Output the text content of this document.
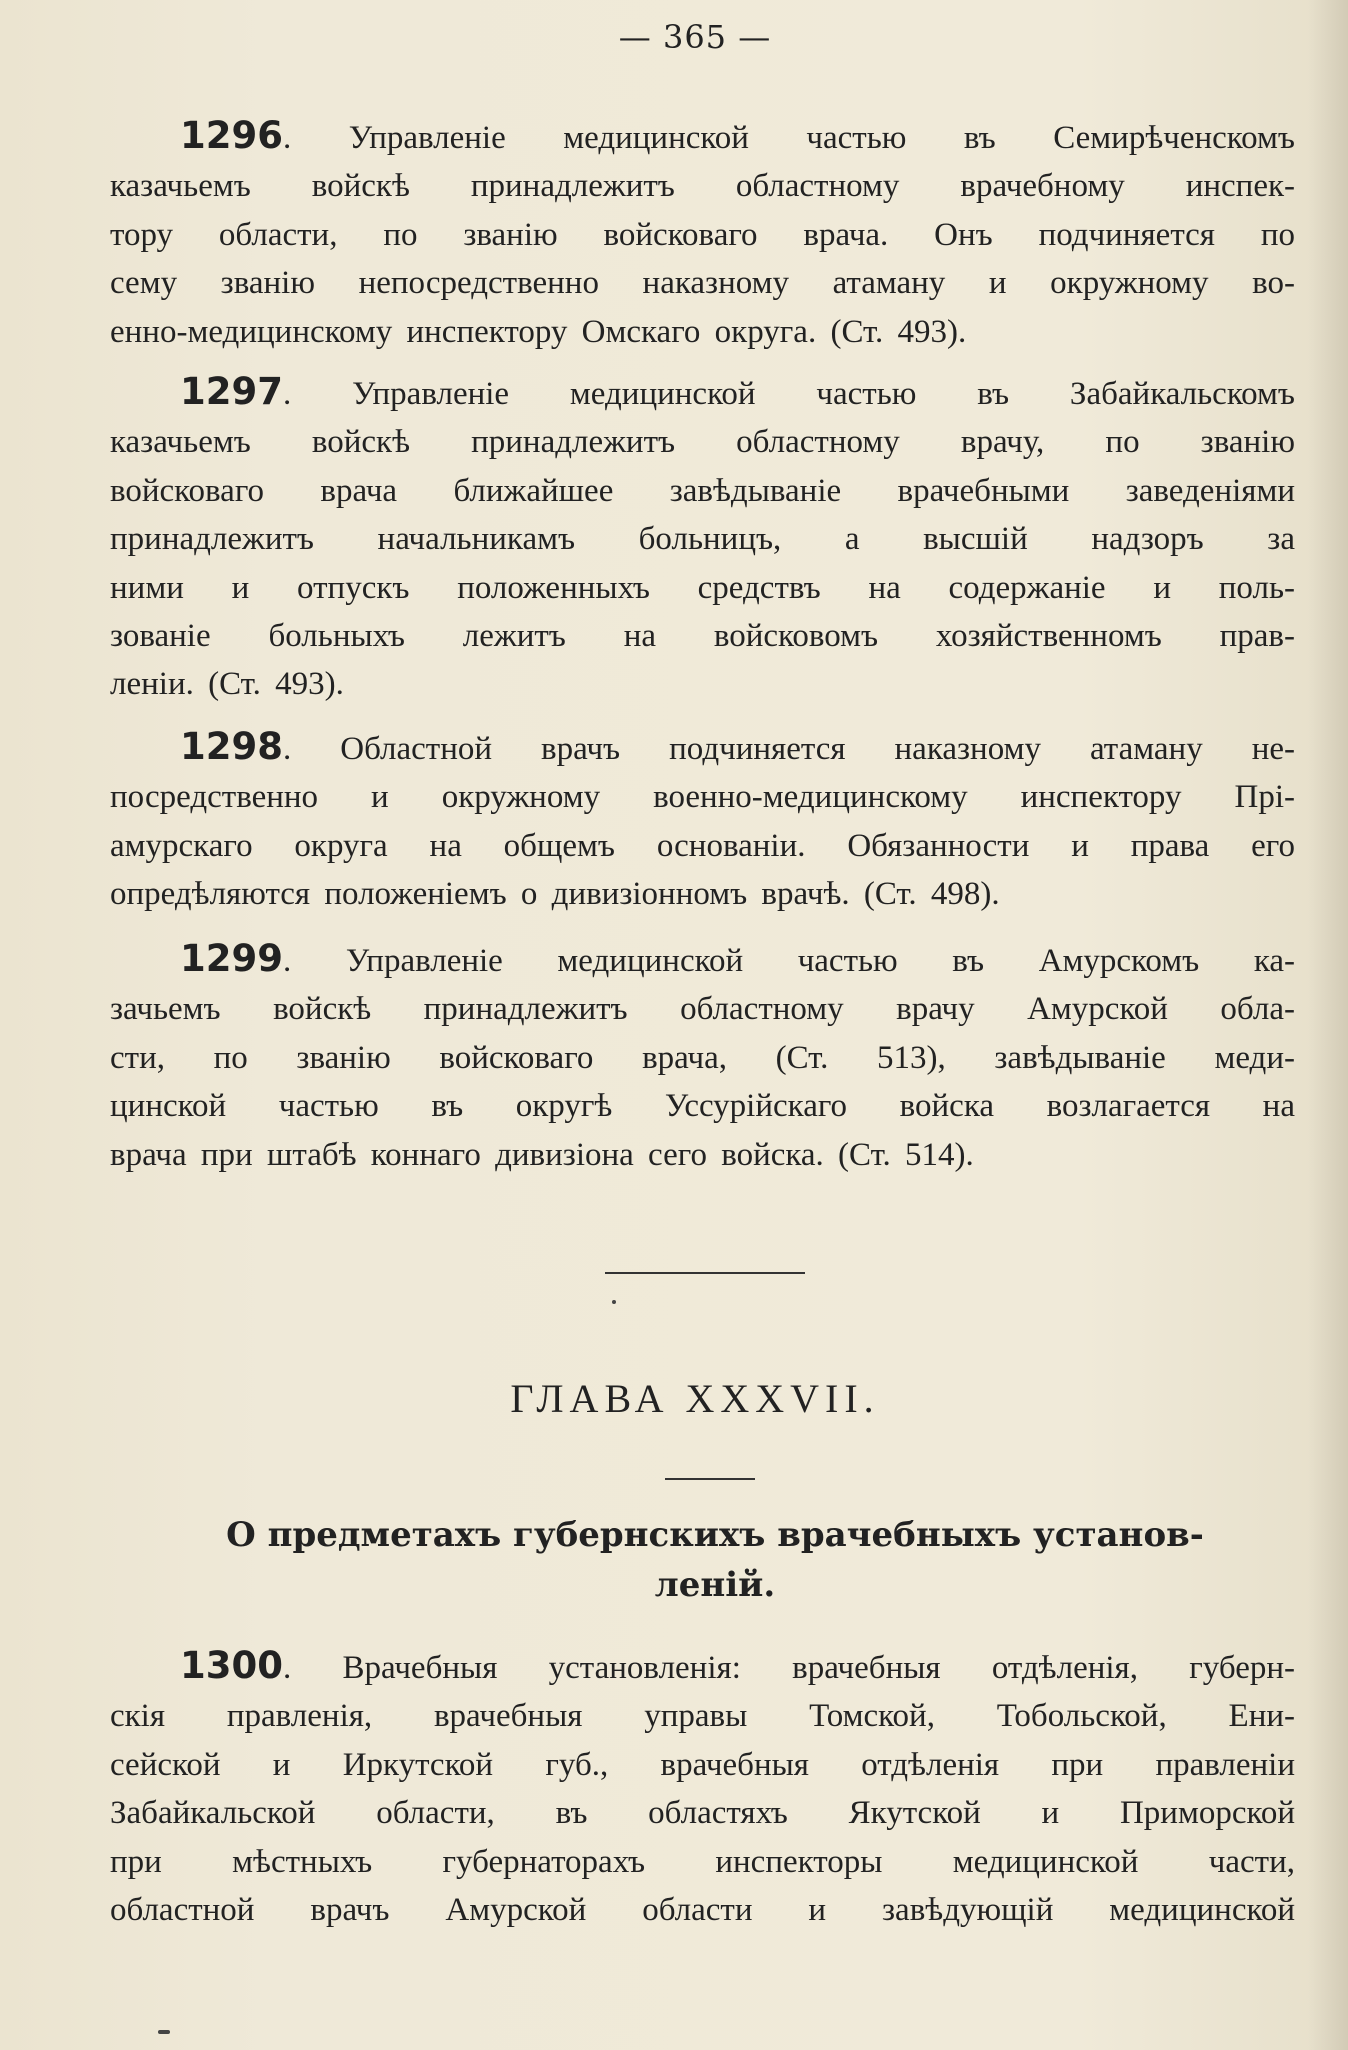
— 365 —
1296. Управленіе медицинской частью въ Семирѣченскомъ
казачьемъ войскѣ принадлежитъ областному врачебному инспек-
тору области, по званію войсковаго врача. Онъ подчиняется по
сему званію непосредственно наказному атаману и окружному во-
енно-медицинскому инспектору Омскаго округа. (Ст. 493).
1297. Управленіе медицинской частью въ Забайкальскомъ
казачьемъ войскѣ принадлежитъ областному врачу, по званію
войсковаго врача ближайшее завѣдываніе врачебными заведеніями
принадлежитъ начальникамъ больницъ, а высшій надзоръ за
ними и отпускъ положенныхъ средствъ на содержаніе и поль-
зованіе больныхъ лежитъ на войсковомъ хозяйственномъ прав-
леніи. (Ст. 493).
1298. Областной врачъ подчиняется наказному атаману не-
посредственно и окружному военно-медицинскому инспектору Прі-
амурскаго округа на общемъ основаніи. Обязанности и права его
опредѣляются положеніемъ о дивизіонномъ врачѣ. (Ст. 498).
1299. Управленіе медицинской частью въ Амурскомъ ка-
зачьемъ войскѣ принадлежитъ областному врачу Амурской обла-
сти, по званію войсковаго врача, (Ст. 513), завѣдываніе меди-
цинской частью въ округѣ Уссурійскаго войска возлагается на
врача при штабѣ коннаго дивизіона сего войска. (Ст. 514).
ГЛАВА XXXVII.
О предметахъ губернскихъ врачебныхъ установ-
леній.
1300. Врачебныя установленія: врачебныя отдѣленія, губерн-
скія правленія, врачебныя управы Томской, Тобольской, Ени-
сейской и Иркутской губ., врачебныя отдѣленія при правленіи
Забайкальской области, въ областяхъ Якутской и Приморской
при мѣстныхъ губернаторахъ инспекторы медицинской части,
областной врачъ Амурской области и завѣдующій медицинской
